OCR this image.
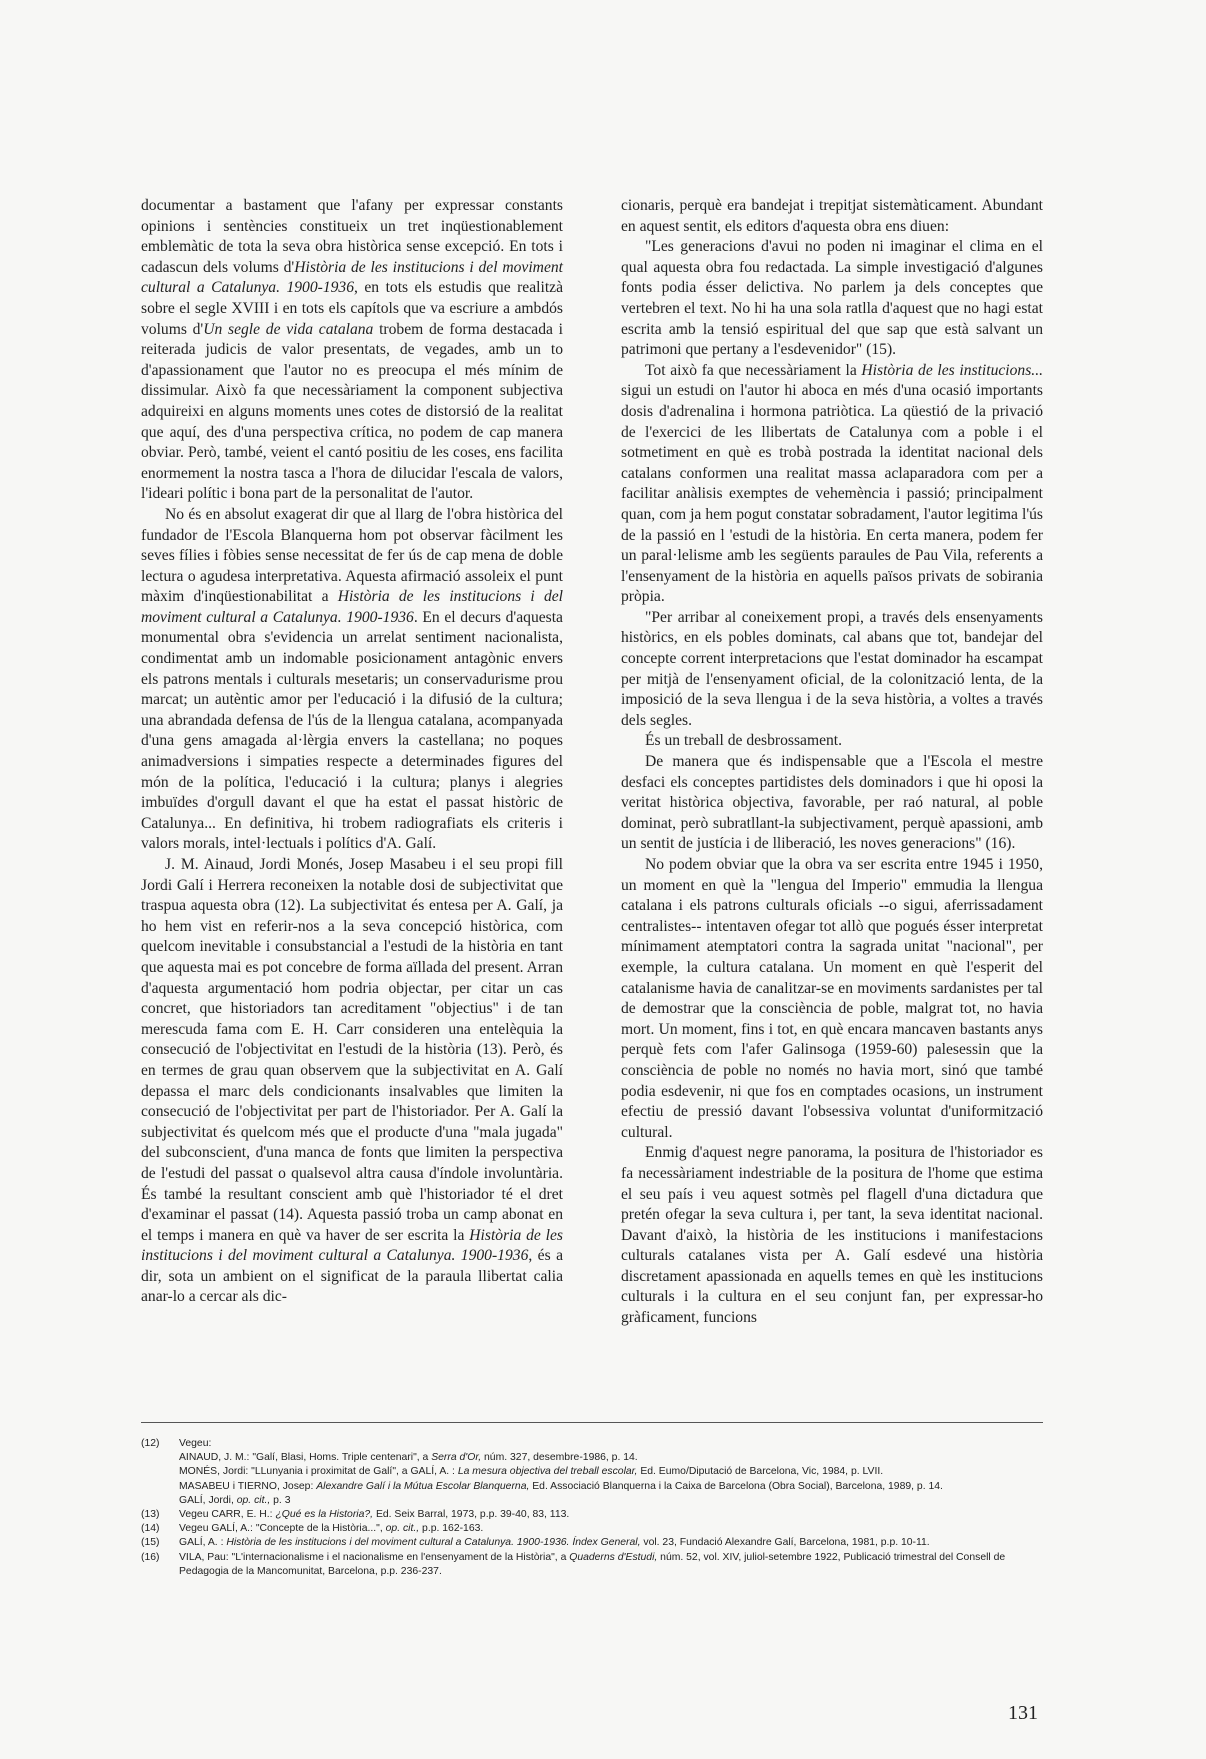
documentar a bastament que l'afany per expressar constants opinions i sentències constitueix un tret inqüestionablement emblemàtic de tota la seva obra històrica sense excepció. En tots i cadascun dels volums d'Història de les institucions i del moviment cultural a Catalunya. 1900-1936, en tots els estudis que realitzà sobre el segle XVIII i en tots els capítols que va escriure a ambdós volums d'Un segle de vida catalana trobem de forma destacada i reiterada judicis de valor presentats, de vegades, amb un to d'apassionament que l'autor no es preocupa el més mínim de dissimular. Això fa que necessàriament la component subjectiva adquireixi en alguns moments unes cotes de distorsió de la realitat que aquí, des d'una perspectiva crítica, no podem de cap manera obviar. Però, també, veient el cantó positiu de les coses, ens facilita enormement la nostra tasca a l'hora de dilucidar l'escala de valors, l'ideari polític i bona part de la personalitat de l'autor.

No és en absolut exagerat dir que al llarg de l'obra històrica del fundador de l'Escola Blanquerna hom pot observar fàcilment les seves fílies i fòbies sense necessitat de fer ús de cap mena de doble lectura o agudesa interpretativa. Aquesta afirmació assoleix el punt màxim d'inqüestionabilitat a Història de les institucions i del moviment cultural a Catalunya. 1900-1936. En el decurs d'aquesta monumental obra s'evidencia un arrelat sentiment nacionalista, condimentat amb un indomable posicionament antagònic envers els patrons mentals i culturals mesetaris; un conservadurisme prou marcat; un autèntic amor per l'educació i la difusió de la cultura; una abrandada defensa de l'ús de la llengua catalana, acompanyada d'una gens amagada al·lèrgia envers la castellana; no poques animadversions i simpaties respecte a determinades figures del món de la política, l'educació i la cultura; planys i alegries imbuïdes d'orgull davant el que ha estat el passat històric de Catalunya... En definitiva, hi trobem radiografiats els criteris i valors morals, intel·lectuals i polítics d'A. Galí.

J. M. Ainaud, Jordi Monés, Josep Masabeu i el seu propi fill Jordi Galí i Herrera reconeixen la notable dosi de subjectivitat que traspua aquesta obra (12). La subjectivitat és entesa per A. Galí, ja ho hem vist en referir-nos a la seva concepció històrica, com quelcom inevitable i consubstancial a l'estudi de la història en tant que aquesta mai es pot concebre de forma aïllada del present. Arran d'aquesta argumentació hom podria objectar, per citar un cas concret, que historiadors tan acreditament "objectius" i de tan merescuda fama com E. H. Carr consideren una entelèquia la consecució de l'objectivitat en l'estudi de la història (13). Però, és en termes de grau quan observem que la subjectivitat en A. Galí depassa el marc dels condicionants insalvables que limiten la consecució de l'objectivitat per part de l'historiador. Per A. Galí la subjectivitat és quelcom més que el producte d'una "mala jugada" del subconscient, d'una manca de fonts que limiten la perspectiva de l'estudi del passat o qualsevol altra causa d'índole involuntària. És també la resultant conscient amb què l'historiador té el dret d'examinar el passat (14). Aquesta passió troba un camp abonat en el temps i manera en què va haver de ser escrita la Història de les institucions i del moviment cultural a Catalunya. 1900-1936, és a dir, sota un ambient on el significat de la paraula llibertat calia anar-lo a cercar als dic-

cionaris, perquè era bandejat i trepitjat sistemàticament. Abundant en aquest sentit, els editors d'aquesta obra ens diuen:

"Les generacions d'avui no poden ni imaginar el clima en el qual aquesta obra fou redactada. La simple investigació d'algunes fonts podia ésser delictiva. No parlem ja dels conceptes que vertebren el text. No hi ha una sola ratlla d'aquest que no hagi estat escrita amb la tensió espiritual del que sap que està salvant un patrimoni que pertany a l'esdevenidor" (15).

Tot això fa que necessàriament la Història de les institucions... sigui un estudi on l'autor hi aboca en més d'una ocasió importants dosis d'adrenalina i hormona patriòtica. La qüestió de la privació de l'exercici de les llibertats de Catalunya com a poble i el sotmetiment en què es trobà postrada la identitat nacional dels catalans conformen una realitat massa aclaparadora com per a facilitar anàlisis exemptes de vehemència i passió; principalment quan, com ja hem pogut constatar sobradament, l'autor legitima l'ús de la passió en l 'estudi de la història. En certa manera, podem fer un paral·lelisme amb les següents paraules de Pau Vila, referents a l'ensenyament de la història en aquells països privats de sobirania pròpia.

"Per arribar al coneixement propi, a través dels ensenyaments històrics, en els pobles dominats, cal abans que tot, bandejar del concepte corrent interpretacions que l'estat dominador ha escampat per mitjà de l'ensenyament oficial, de la colonització lenta, de la imposició de la seva llengua i de la seva història, a voltes a través dels segles.

És un treball de desbrossament.

De manera que és indispensable que a l'Escola el mestre desfaci els conceptes partidistes dels dominadors i que hi oposi la veritat històrica objectiva, favorable, per raó natural, al poble dominat, però subratllant-la subjectivament, perquè apassioni, amb un sentit de justícia i de lliberació, les noves generacions" (16).

No podem obviar que la obra va ser escrita entre 1945 i 1950, un moment en què la "lengua del Imperio" emmudia la llengua catalana i els patrons culturals oficials --o sigui, aferrissadament centralistes-- intentaven ofegar tot allò que pogués ésser interpretat mínimament atemptatori contra la sagrada unitat "nacional", per exemple, la cultura catalana. Un moment en què l'esperit del catalanisme havia de canalitzar-se en moviments sardanistes per tal de demostrar que la consciència de poble, malgrat tot, no havia mort. Un moment, fins i tot, en què encara mancaven bastants anys perquè fets com l'afer Galinsoga (1959-60) palesessin que la consciència de poble no només no havia mort, sinó que també podia esdevenir, ni que fos en comptades ocasions, un instrument efectiu de pressió davant l'obsessiva voluntat d'uniformització cultural.

Enmig d'aquest negre panorama, la positura de l'historiador es fa necessàriament indestriable de la positura de l'home que estima el seu país i veu aquest sotmès pel flagell d'una dictadura que pretén ofegar la seva cultura i, per tant, la seva identitat nacional. Davant d'això, la història de les institucions i manifestacions culturals catalanes vista per A. Galí esdevé una història discretament apassionada en aquells temes en què les institucions culturals i la cultura en el seu conjunt fan, per expressar-ho gràficament, funcions

(12)	Vegeu:
AINAUD, J. M.: "Galí, Blasi, Homs. Triple centenari", a Serra d'Or, núm. 327, desembre-1986, p. 14.
MONÉS, Jordi: "LLunyania i proximitat de Galí", a GALÍ, A. : La mesura objectiva del treball escolar, Ed. Eumo/Diputació de Barcelona, Vic, 1984, p. LVII.
MASABEU i TIERNO, Josep: Alexandre Galí i la Mútua Escolar Blanquerna, Ed. Associació Blanquerna i la Caixa de Barcelona (Obra Social), Barcelona, 1989, p. 14.
GALÍ, Jordi, op. cit., p. 3
(13)	Vegeu CARR, E. H.: ¿Qué es la Historia?, Ed. Seix Barral, 1973, p.p. 39-40, 83, 113.
(14)	Vegeu GALÍ, A.: "Concepte de la Història...", op. cit., p.p. 162-163.
(15)	GALÍ, A. : Història de les institucions i del moviment cultural a Catalunya. 1900-1936. Índex General, vol. 23, Fundació Alexandre Galí, Barcelona, 1981, p.p. 10-11.
(16)	VILA, Pau: "L'internacionalisme i el nacionalisme en l'ensenyament de la Història", a Quaderns d'Estudi, núm. 52, vol. XIV, juliol-setembre 1922, Publicació trimestral del Consell de Pedagogia de la Mancomunitat, Barcelona, p.p. 236-237.
131
